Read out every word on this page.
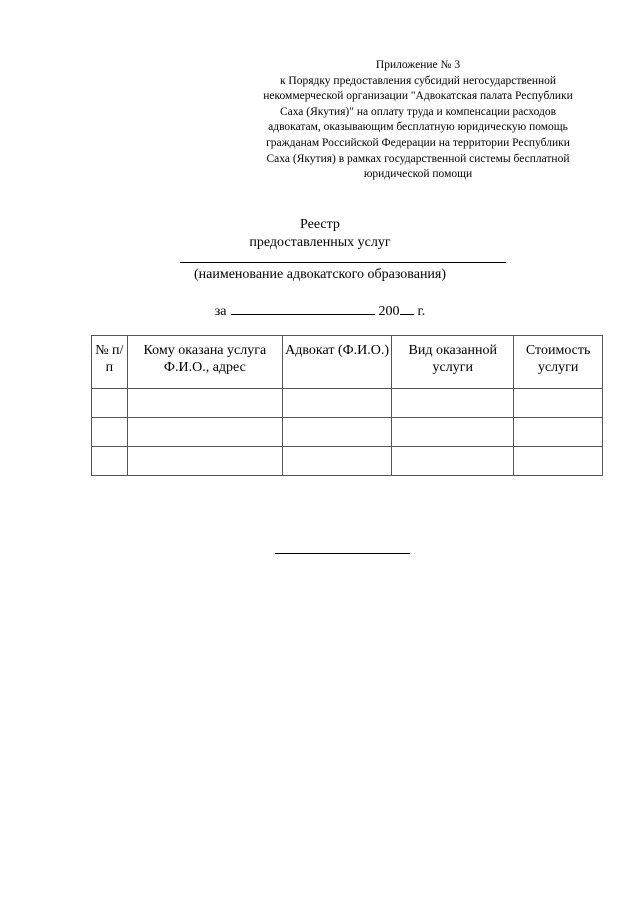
Приложение № 3
к Порядку предоставления субсидий негосударственной
некоммерческой организации "Адвокатская палата Республики
Саха (Якутия)" на оплату труда и компенсации расходов
адвокатам, оказывающим бесплатную юридическую помощь
гражданам Российской Федерации на территории Республики
Саха (Якутия) в рамках государственной системы бесплатной
юридической помощи
Реестр
предоставленных услуг
(наименование адвокатского образования)
за	200 г.
№ п/п	Кому оказана услуга Ф.И.О., адрес	Адвокат (Ф.И.О.)	Вид оказанной услуги	Стоимость услуги
